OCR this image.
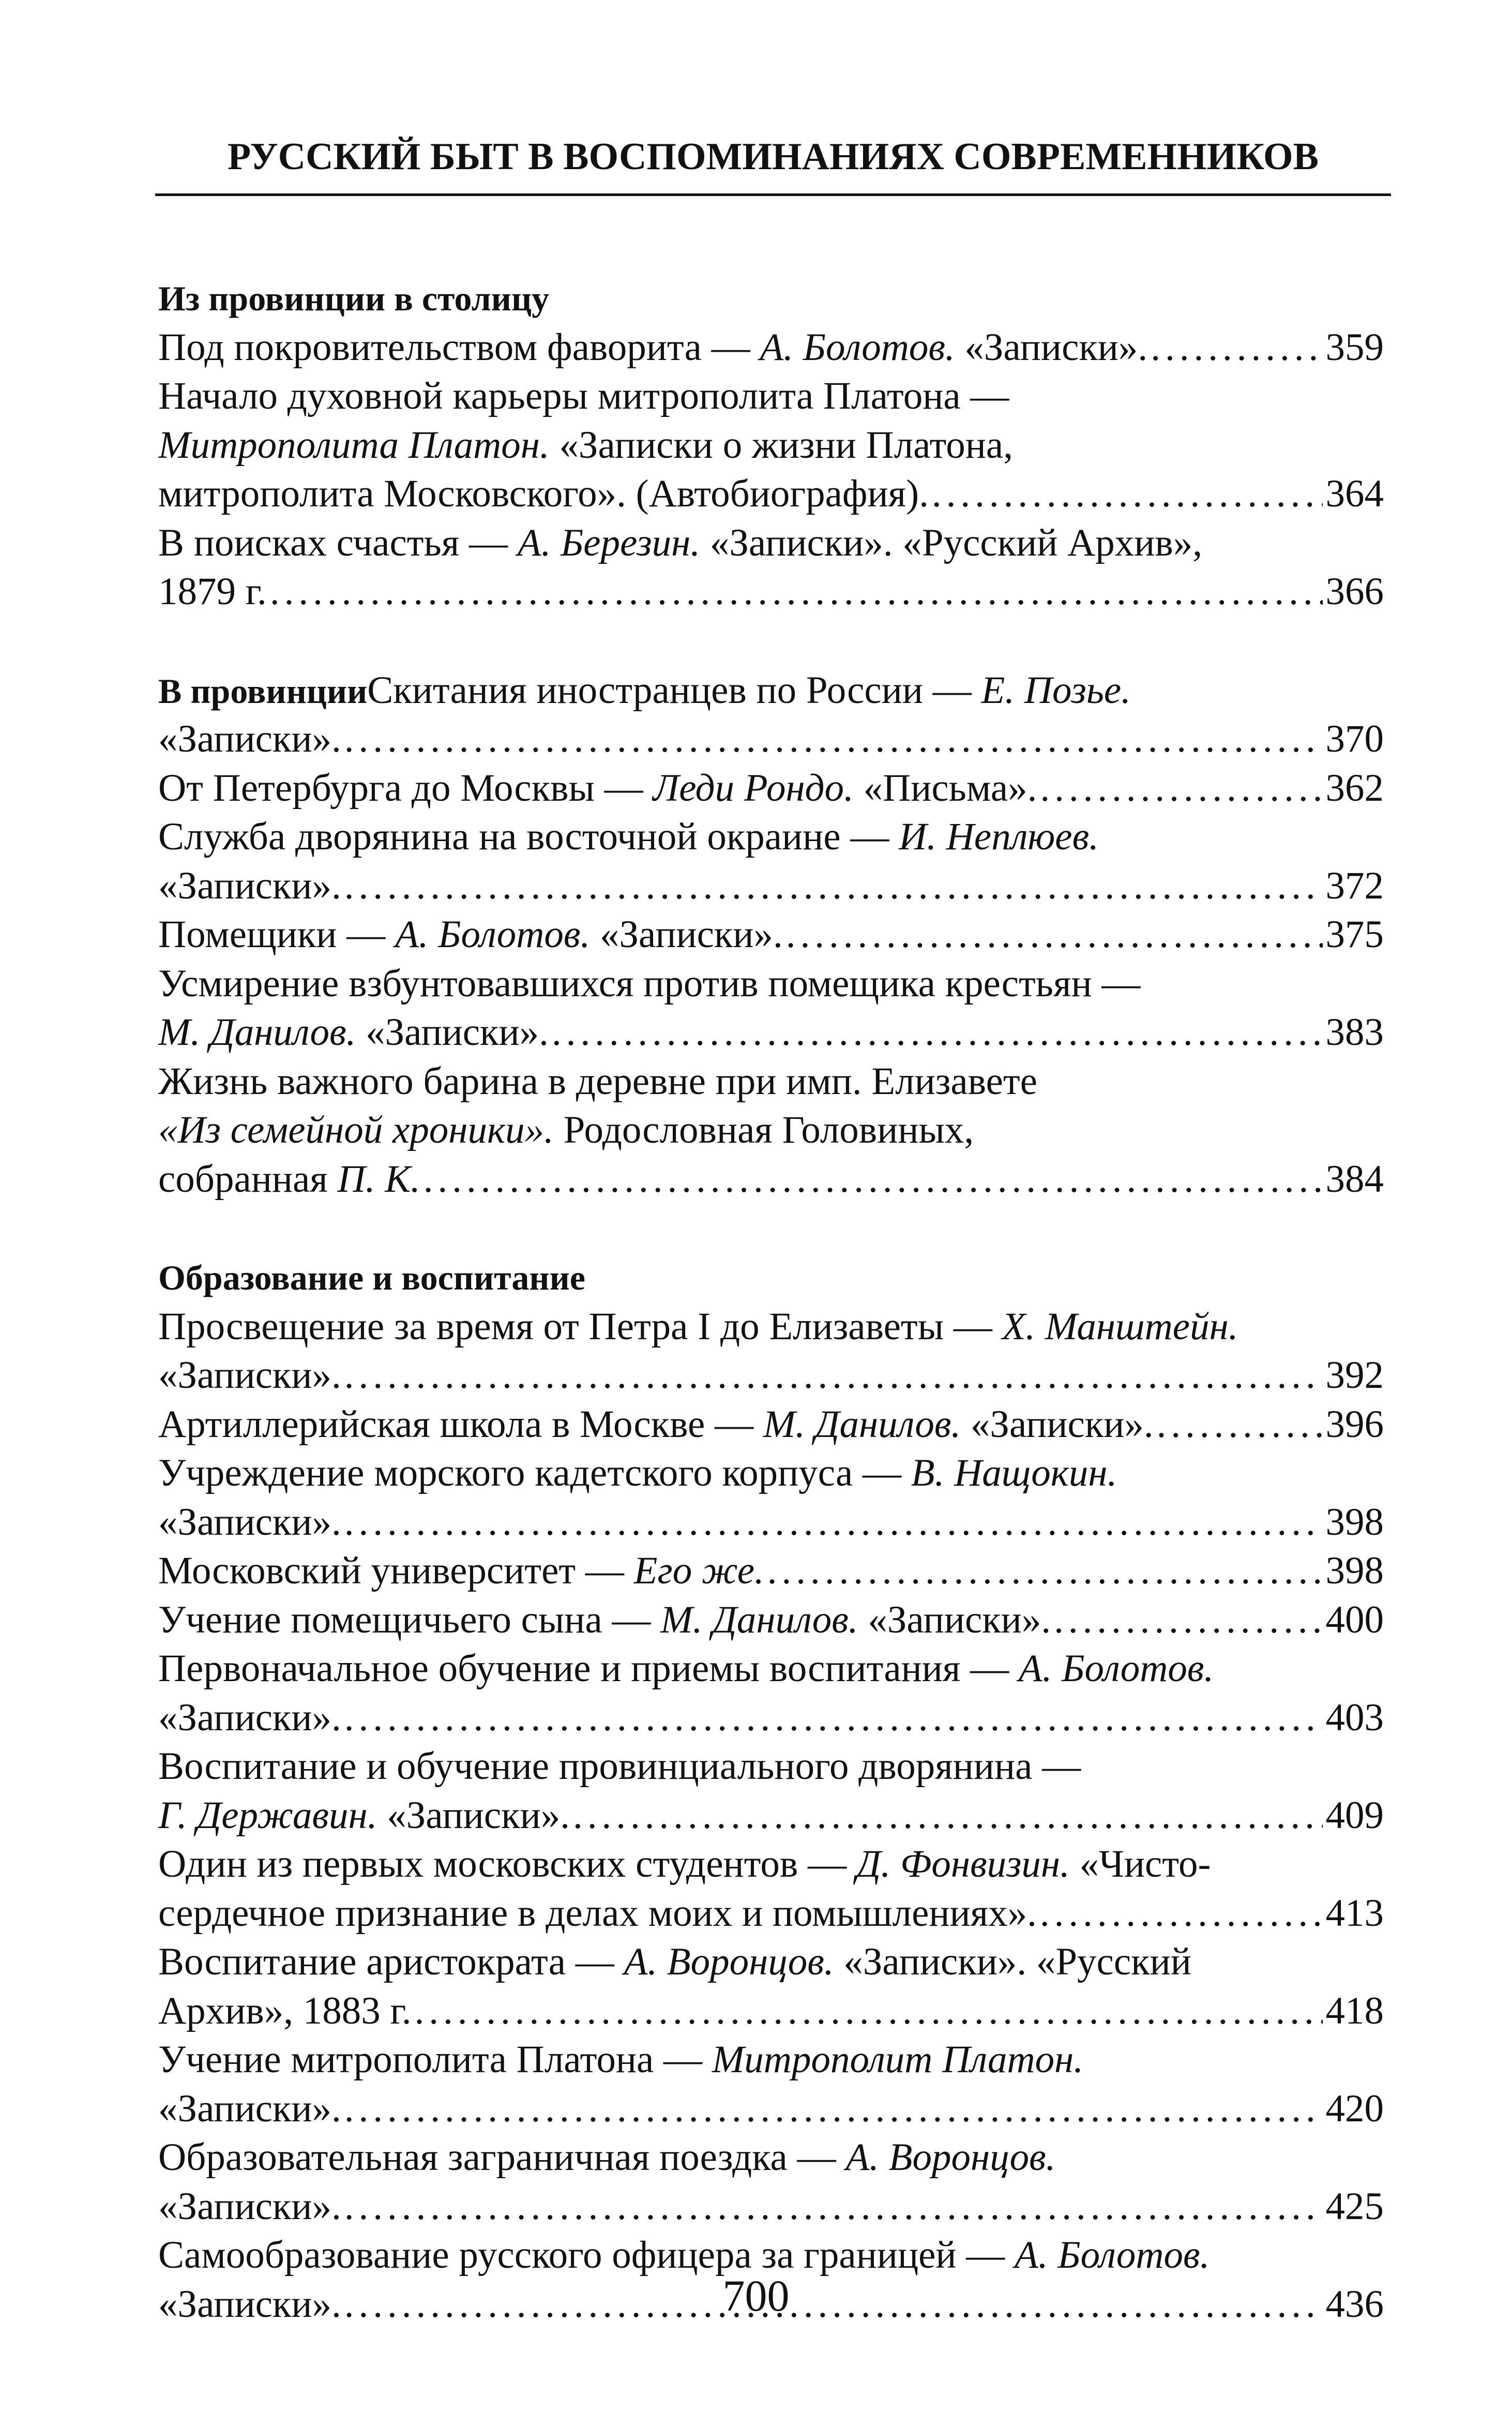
РУССКИЙ БЫТ В ВОСПОМИНАНИЯХ СОВРЕМЕННИКОВ
Из провинции в столицу
Под покровительством фаворита — А. Болотов. «Записки». .....	359
Начало духовной карьеры митрополита Платона —
Митрополита Платон. «Записки о жизни Платона,
митрополита Московского». (Автобиография). .....	364
В поисках счастья — А. Березин. «Записки». «Русский Архив»,
1879 г. .....	366
В провинцииСкитания иностранцев по России — Е. Позье.
«Записки». .....	370
От Петербурга до Москвы — Леди Рондо. «Письма». .....	362
Служба дворянина на восточной окраине — И. Неплюев.
«Записки». .....	372
Помещики — А. Болотов. «Записки». .....	375
Усмирение взбунтовавшихся против помещика крестьян —
М. Данилов. «Записки». .....	383
Жизнь важного барина в деревне при имп. Елизавете
«Из семейной хроники». Родословная Головиных,
собранная П. К. .....	384
Образование и воспитание
Просвещение за время от Петра I до Елизаветы — Х. Манштейн.
«Записки». .....	392
Артиллерийская школа в Москве — М. Данилов. «Записки». .....	396
Учреждение морского кадетского корпуса — В. Нащокин.
«Записки». .....	398
Московский университет — Его же. .....	398
Учение помещичьего сына — М. Данилов. «Записки». .....	400
Первоначальное обучение и приемы воспитания — А. Болотов.
«Записки». .....	403
Воспитание и обучение провинциального дворянина —
Г. Державин. «Записки». .....	409
Один из первых московских студентов — Д. Фонвизин. «Чисто-
сердечное признание в делах моих и помышлениях». .....	413
Воспитание аристократа — А. Воронцов. «Записки». «Русский
Архив», 1883 г. .....	418
Учение митрополита Платона — Митрополит Платон.
«Записки». .....	420
Образовательная заграничная поездка — А. Воронцов.
«Записки». .....	425
Самообразование русского офицера за границей — А. Болотов.
«Записки». .....	436
700
